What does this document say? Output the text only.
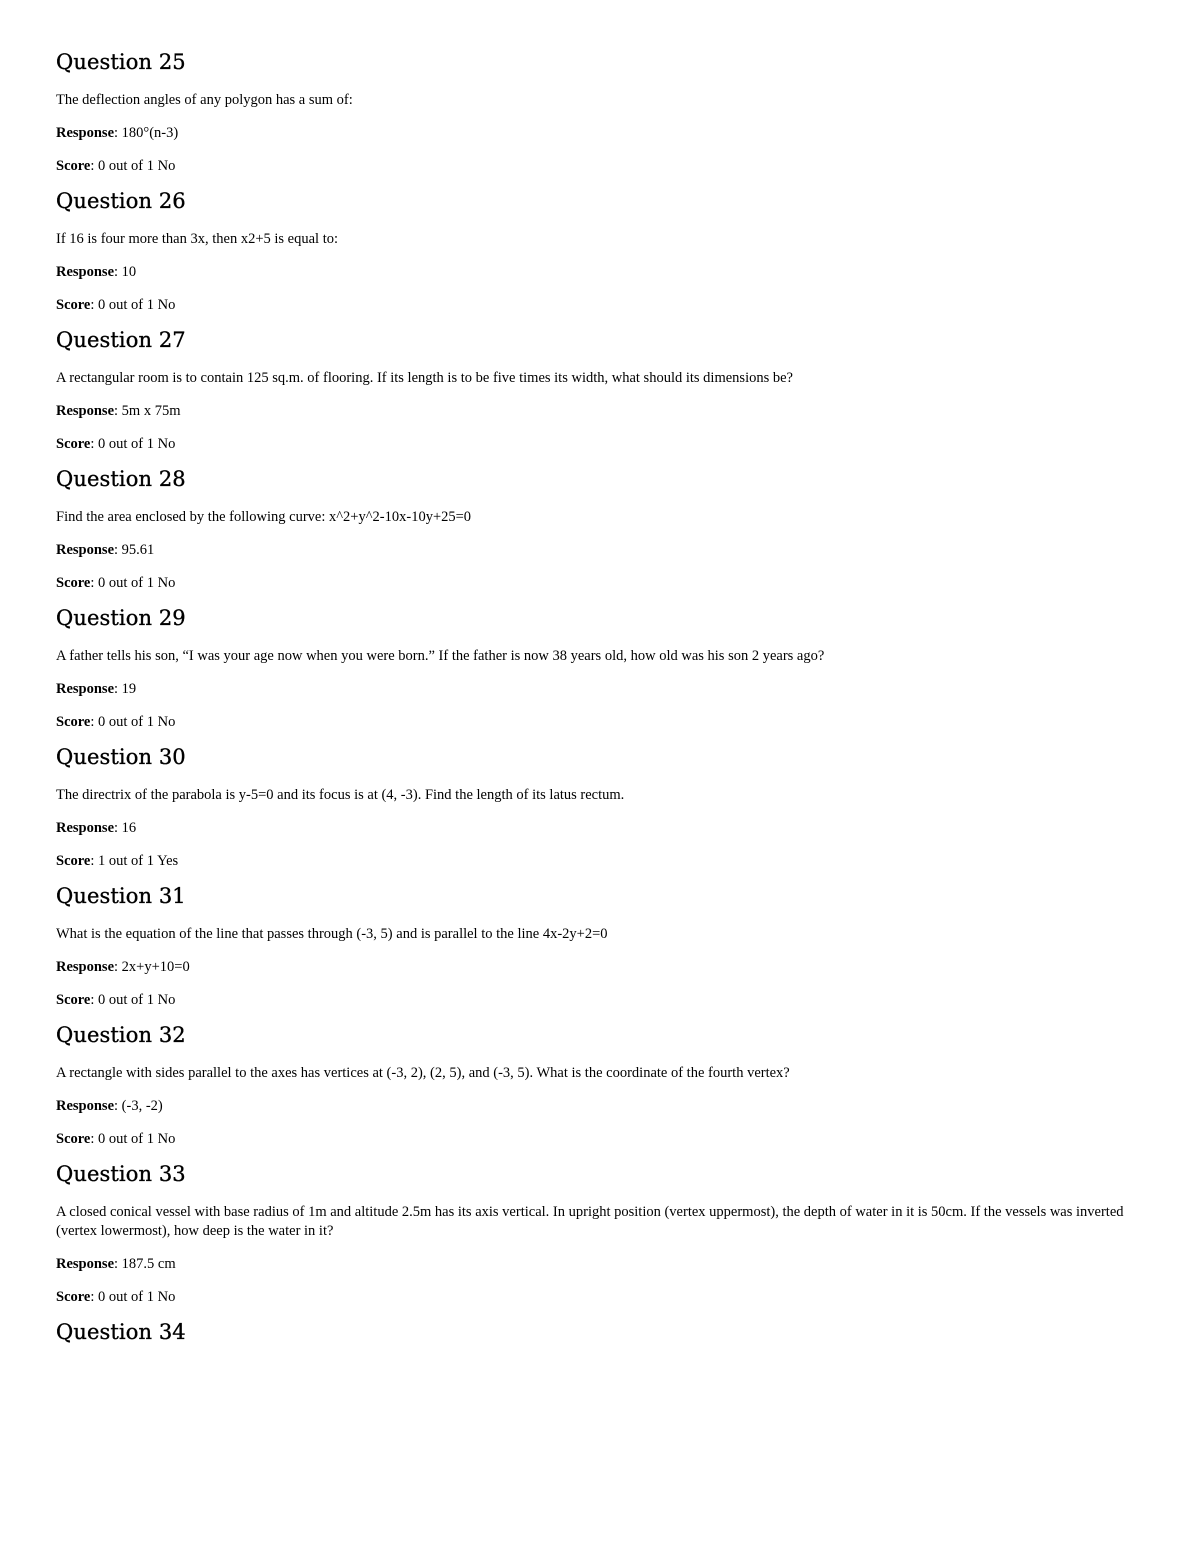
Question 25
The deflection angles of any polygon has a sum of:
Response: 180°(n-3)
Score: 0 out of 1 No
Question 26
If 16 is four more than 3x, then x2+5 is equal to:
Response: 10
Score: 0 out of 1 No
Question 27
A rectangular room is to contain 125 sq.m. of flooring. If its length is to be five times its width, what should its dimensions be?
Response: 5m x 75m
Score: 0 out of 1 No
Question 28
Find the area enclosed by the following curve: x^2+y^2-10x-10y+25=0
Response: 95.61
Score: 0 out of 1 No
Question 29
A father tells his son, “I was your age now when you were born.” If the father is now 38 years old, how old was his son 2 years ago?
Response: 19
Score: 0 out of 1 No
Question 30
The directrix of the parabola is y-5=0 and its focus is at (4, -3). Find the length of its latus rectum.
Response: 16
Score: 1 out of 1 Yes
Question 31
What is the equation of the line that passes through (-3, 5) and is parallel to the line 4x-2y+2=0
Response: 2x+y+10=0
Score: 0 out of 1 No
Question 32
A rectangle with sides parallel to the axes has vertices at (-3, 2), (2, 5), and (-3, 5). What is the coordinate of the fourth vertex?
Response: (-3, -2)
Score: 0 out of 1 No
Question 33
A closed conical vessel with base radius of 1m and altitude 2.5m has its axis vertical. In upright position (vertex uppermost), the depth of water in it is 50cm. If the vessels was inverted (vertex lowermost), how deep is the water in it?
Response: 187.5 cm
Score: 0 out of 1 No
Question 34
